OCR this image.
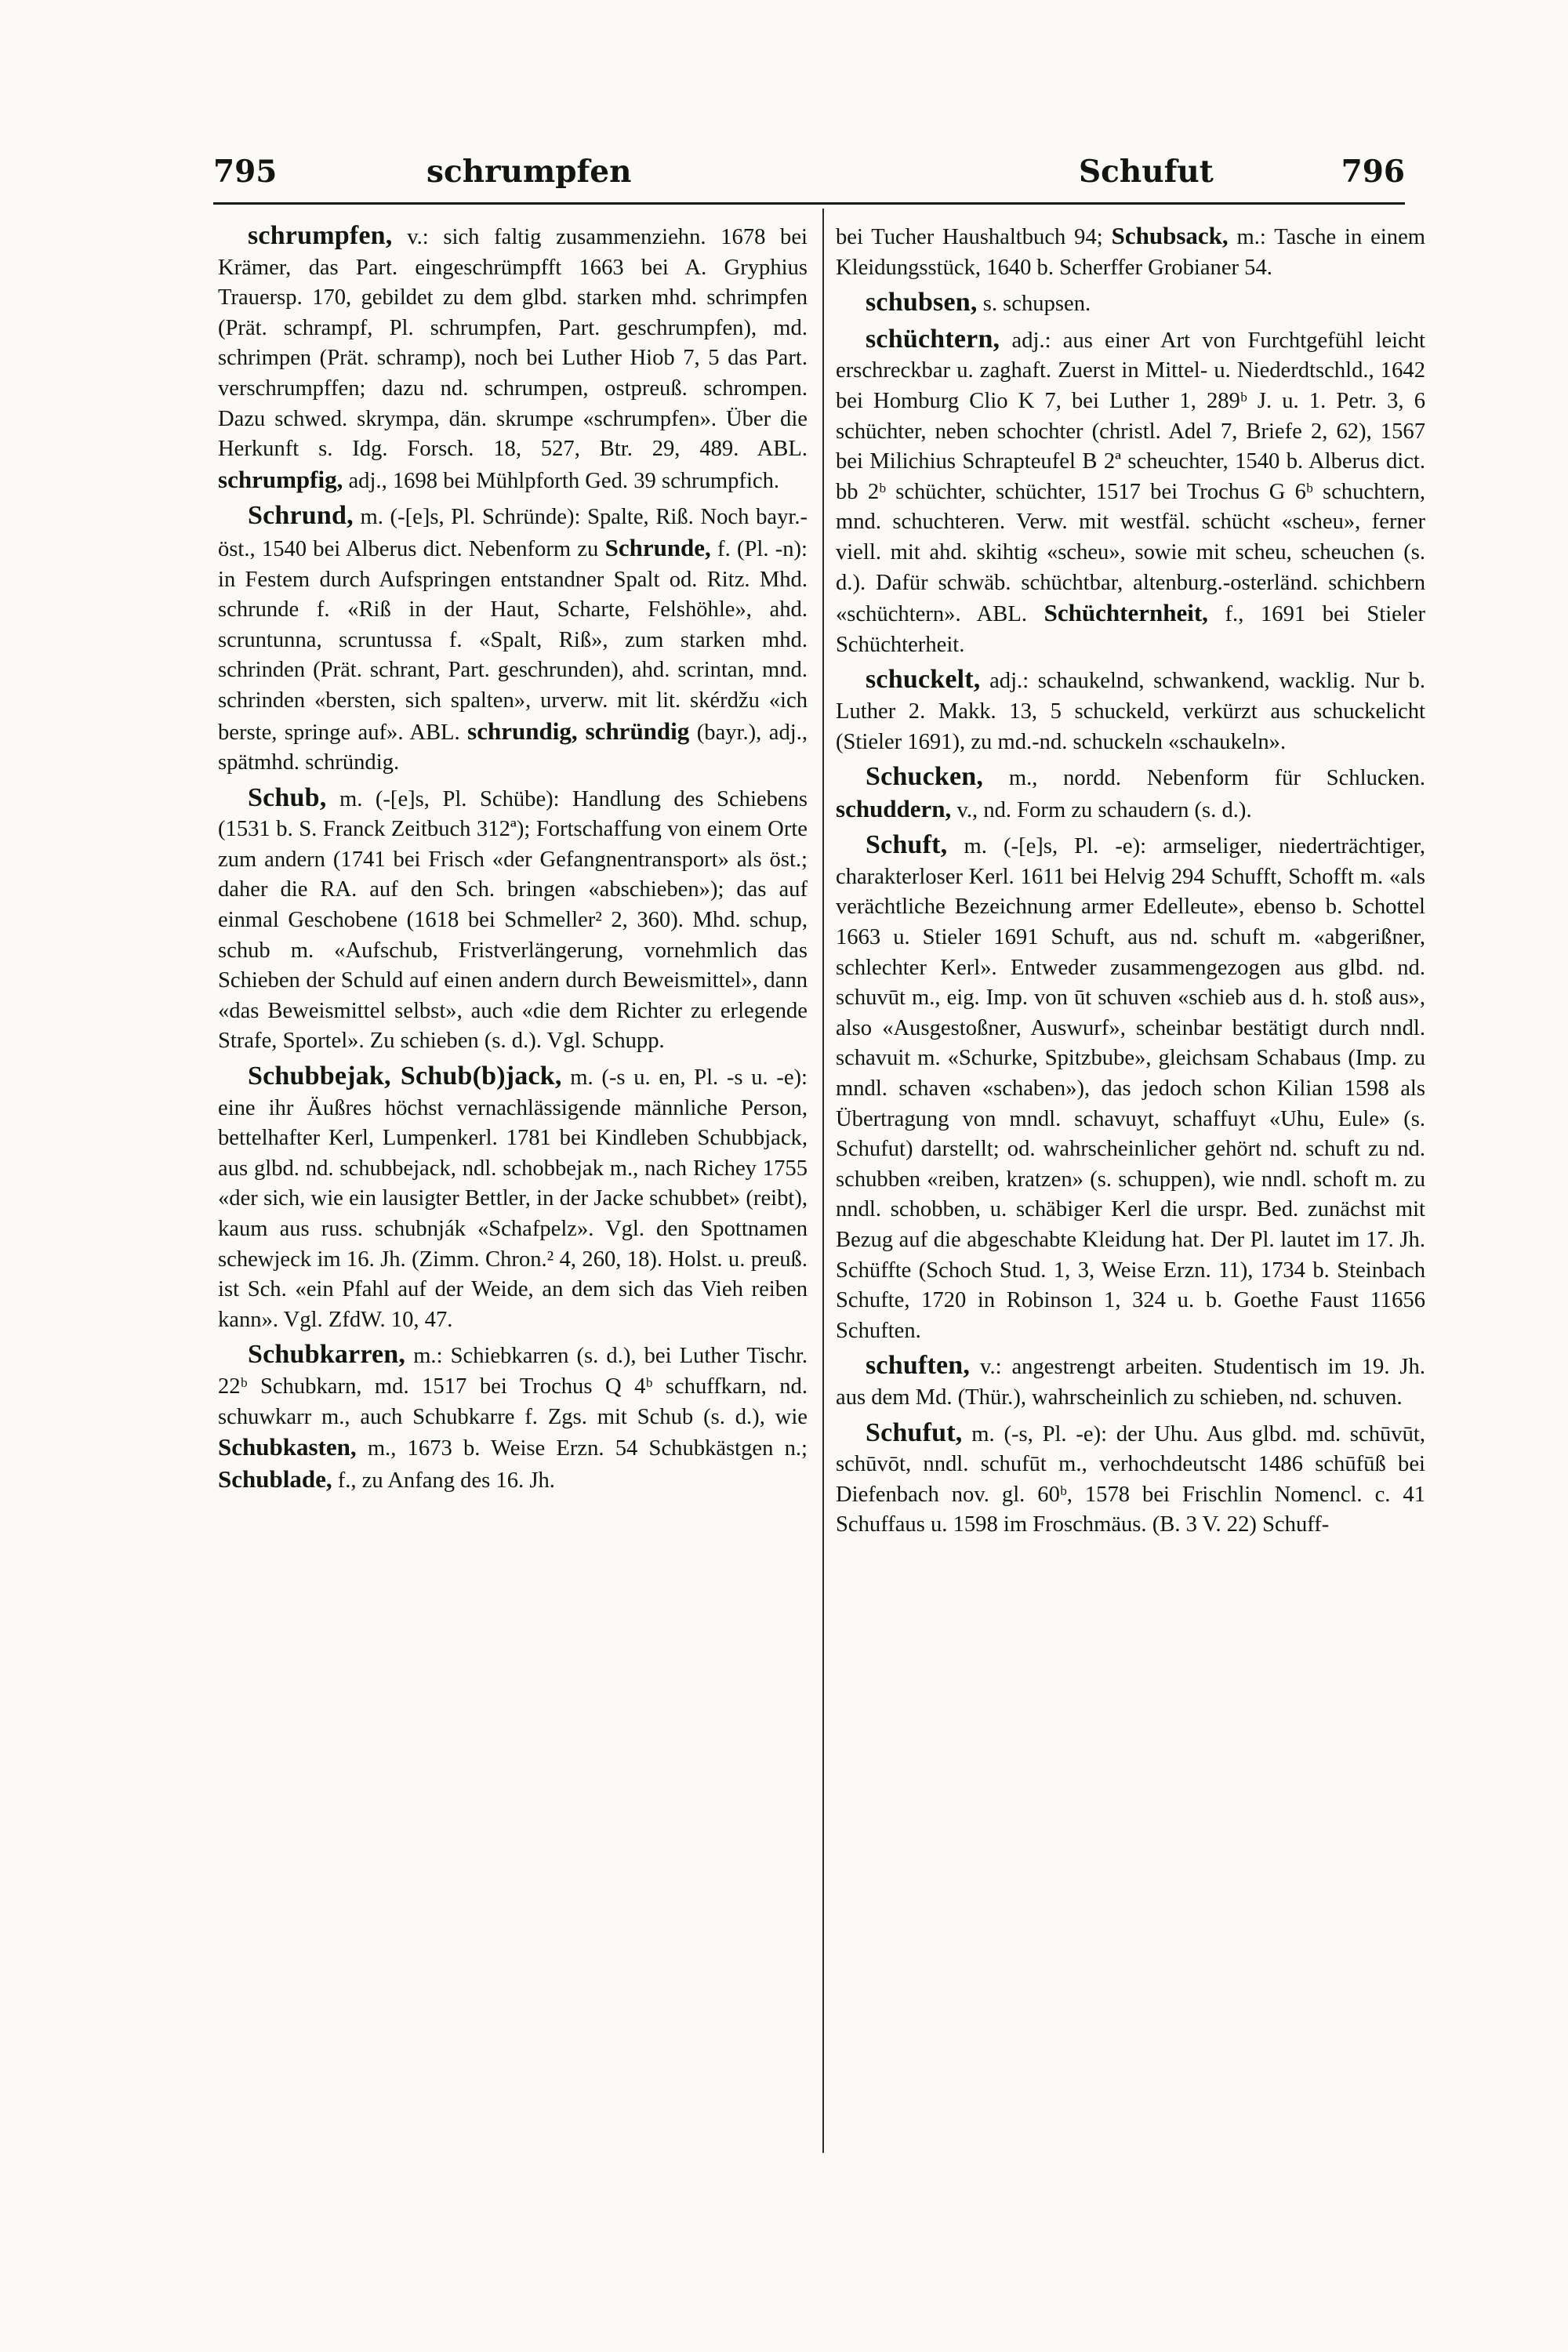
795	schrumpfen	Schufut	796

schrumpfen, v.: sich faltig zusammenziehn. 1678 bei Krämer, das Part. eingeschrümpfft 1663 bei A. Gryphius Trauersp. 170, gebildet zu dem glbd. starken mhd. schrimpfen (Prät. schrampf, Pl. schrumpfen, Part. geschrumpfen), md. schrimpen (Prät. schramp), noch bei Luther Hiob 7, 5 das Part. verschrumpffen; dazu nd. schrumpen, ostpreuß. schrompen. Dazu schwed. skrympa, dän. skrumpe «schrumpfen». Über die Herkunft s. Idg. Forsch. 18, 527, Btr. 29, 489. ABL. schrumpfig, adj., 1698 bei Mühlpforth Ged. 39 schrumpfich.

Schrund, m. (-[e]s, Pl. Schründe): Spalte, Riß. Noch bayr.-öst., 1540 bei Alberus dict. Nebenform zu Schrunde, f. (Pl. -n): in Festem durch Aufspringen entstandner Spalt od. Ritz. Mhd. schrunde f. «Riß in der Haut, Scharte, Felshöhle», ahd. scruntunna, scruntussa f. «Spalt, Riß», zum starken mhd. schrinden (Prät. schrant, Part. geschrunden), ahd. scrintan, mnd. schrinden «bersten, sich spalten», urverw. mit lit. skérdžu «ich berste, springe auf». ABL. schrundig, schründig (bayr.), adj., spätmhd. schründig.

Schub, m. (-[e]s, Pl. Schübe): Handlung des Schiebens (1531 b. S. Franck Zeitbuch 312ª); Fortschaffung von einem Orte zum andern (1741 bei Frisch «der Gefangnentransport» als öst.; daher die RA. auf den Sch. bringen «abschieben»); das auf einmal Geschobene (1618 bei Schmeller² 2, 360). Mhd. schup, schub m. «Aufschub, Fristverlängerung, vornehmlich das Schieben der Schuld auf einen andern durch Beweismittel», dann «das Beweismittel selbst», auch «die dem Richter zu erlegende Strafe, Sportel». Zu schieben (s. d.). Vgl. Schupp.

Schubbejak, Schub(b)jack, m. (-s u. en, Pl. -s u. -e): eine ihr Äußres höchst vernachlässigende männliche Person, bettelhafter Kerl, Lumpenkerl. 1781 bei Kindleben Schubbjack, aus glbd. nd. schubbejack, ndl. schobbejak m., nach Richey 1755 «der sich, wie ein lausigter Bettler, in der Jacke schubbet» (reibt), kaum aus russ. schubnják «Schafpelz». Vgl. den Spottnamen schewjeck im 16. Jh. (Zimm. Chron.² 4, 260, 18). Holst. u. preuß. ist Sch. «ein Pfahl auf der Weide, an dem sich das Vieh reiben kann». Vgl. ZfdW. 10, 47.

Schubkarren, m.: Schiebkarren (s. d.), bei Luther Tischr. 22ᵇ Schubkarn, md. 1517 bei Trochus Q 4ᵇ schuffkarn, nd. schuwkarr m., auch Schubkarre f. Zgs. mit Schub (s. d.), wie Schubkasten, m., 1673 b. Weise Erzn. 54 Schubkästgen n.; Schublade, f., zu Anfang des 16. Jh.

bei Tucher Haushaltbuch 94; Schubsack, m.: Tasche in einem Kleidungsstück, 1640 b. Scherffer Grobianer 54.

schubsen, s. schupsen.

schüchtern, adj.: aus einer Art von Furchtgefühl leicht erschreckbar u. zaghaft. Zuerst in Mittel- u. Niederdtschld., 1642 bei Homburg Clio K 7, bei Luther 1, 289ᵇ J. u. 1. Petr. 3, 6 schüchter, neben schochter (christl. Adel 7, Briefe 2, 62), 1567 bei Milichius Schrapteufel B 2ª scheuchter, 1540 b. Alberus dict. bb 2ᵇ schüchter, schüchter, 1517 bei Trochus G 6ᵇ schuchtern, mnd. schuchteren. Verw. mit westfäl. schücht «scheu», ferner viell. mit ahd. skihtig «scheu», sowie mit scheu, scheuchen (s. d.). Dafür schwäb. schüchtbar, altenburg.-osterländ. schichbern «schüchtern». ABL. Schüchternheit, f., 1691 bei Stieler Schüchterheit.

schuckelt, adj.: schaukelnd, schwankend, wacklig. Nur b. Luther 2. Makk. 13, 5 schuckeld, verkürzt aus schuckelicht (Stieler 1691), zu md.-nd. schuckeln «schaukeln».

Schucken, m., nordd. Nebenform für Schlucken. schuddern, v., nd. Form zu schaudern (s. d.).

Schuft, m. (-[e]s, Pl. -e): armseliger, niederträchtiger, charakterloser Kerl. 1611 bei Helvig 294 Schufft, Schofft m. «als verächtliche Bezeichnung armer Edelleute», ebenso b. Schottel 1663 u. Stieler 1691 Schuft, aus nd. schuft m. «abgerißner, schlechter Kerl». Entweder zusammengezogen aus glbd. nd. schuvūt m., eig. Imp. von ūt schuven «schieb aus d. h. stoß aus», also «Ausgestoßner, Auswurf», scheinbar bestätigt durch nndl. schavuit m. «Schurke, Spitzbube», gleichsam Schabaus (Imp. zu mndl. schaven «schaben»), das jedoch schon Kilian 1598 als Übertragung von mndl. schavuyt, schaffuyt «Uhu, Eule» (s. Schufut) darstellt; od. wahrscheinlicher gehört nd. schuft zu nd. schubben «reiben, kratzen» (s. schuppen), wie nndl. schoft m. zu nndl. schobben, u. schäbiger Kerl die urspr. Bed. zunächst mit Bezug auf die abgeschabte Kleidung hat. Der Pl. lautet im 17. Jh. Schüffte (Schoch Stud. 1, 3, Weise Erzn. 11), 1734 b. Steinbach Schufte, 1720 in Robinson 1, 324 u. b. Goethe Faust 11656 Schuften.

schuften, v.: angestrengt arbeiten. Studentisch im 19. Jh. aus dem Md. (Thür.), wahrscheinlich zu schieben, nd. schuven.

Schufut, m. (-s, Pl. -e): der Uhu. Aus glbd. md. schūvūt, schūvōt, nndl. schufūt m., verhochdeutscht 1486 schūfūß bei Diefenbach nov. gl. 60ᵇ, 1578 bei Frischlin Nomencl. c. 41 Schuffaus u. 1598 im Froschmäus. (B. 3 V. 22) Schuff-
